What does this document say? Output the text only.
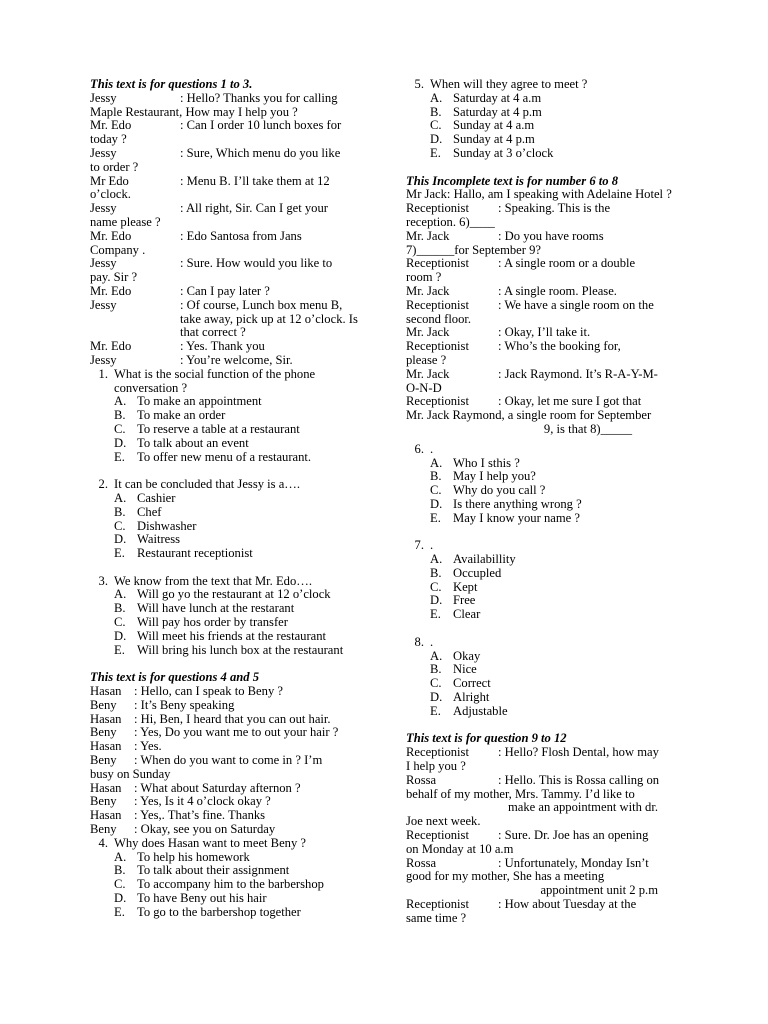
This text is for questions 1 to 3.
Jessy	: Hello? Thanks you for calling
Maple Restaurant, How may I help you ?
Mr. Edo	: Can I order 10 lunch boxes for
today ?
Jessy	: Sure, Which menu do you like
to order ?
Mr Edo	: Menu B. I’ll take them at 12
o’clock.
Jessy	: All right, Sir. Can I get your
name please ?
Mr. Edo	: Edo Santosa from Jans
Company .
Jessy	: Sure. How would you like to
pay. Sir ?
Mr. Edo	: Can I pay later ?
Jessy	: Of course, Lunch box menu B, take away, pick up at 12 o’clock. Is that correct ?
Mr. Edo	: Yes. Thank you
Jessy	: You’re welcome, Sir.
1. What is the social function of the phone conversation ?
A. To make an appointment
B. To make an order
C. To reserve a table at a restaurant
D. To talk about an event
E. To offer new menu of a restaurant.
2. It can be concluded that Jessy is a….
A. Cashier
B. Chef
C. Dishwasher
D. Waitress
E. Restaurant receptionist
3. We know from the text that Mr. Edo….
A. Will go yo the restaurant at 12 o’clock
B. Will have lunch at the restarant
C. Will pay hos order by transfer
D. Will meet his friends at the restaurant
E. Will bring his lunch box at the restaurant
This text is for questions 4 and 5
Hasan : Hello, can I speak to Beny ?
Beny	: It’s Beny speaking
Hasan : Hi, Ben, I heard that you can out hair.
Beny	: Yes, Do you want me to out your hair ?
Hasan : Yes.
Beny	: When do you want to come in ? I’m
busy on Sunday
Hasan : What about Saturday afternon ?
Beny	: Yes, Is it 4 o’clock okay ?
Hasan : Yes,. That’s fine. Thanks
Beny	: Okay, see you on Saturday
4. Why does Hasan want to meet Beny ?
A. To help his homework
B. To talk about their assignment
C. To accompany him to the barbershop
D. To have Beny out his hair
E. To go to the barbershop together
5. When will they agree to meet ?
A. Saturday at 4 a.m
B. Saturday at 4 p.m
C. Sunday at 4 a.m
D. Sunday at 4 p.m
E. Sunday at 3 o’clock
This Incomplete text is for number 6 to 8
Mr Jack: Hallo, am I speaking with Adelaine Hotel ?
Receptionist	: Speaking. This is the
reception. 6)____
Mr. Jack	: Do you have rooms
7)______for September 9?
Receptionist	: A single room or a double
room ?
Mr. Jack	: A single room. Please.
Receptionist	: We have a single room on the
second floor.
Mr. Jack	: Okay, I’ll take it.
Receptionist	: Who’s the booking for,
please ?
Mr. Jack	: Jack Raymond. It’s R-A-Y-M-
O-N-D
Receptionist	: Okay, let me sure I got that
Mr. Jack Raymond, a single room for September
9, is that 8)_____
6. .
A. Who I sthis ?
B. May I help you?
C. Why do you call ?
D. Is there anything wrong ?
E. May I know your name ?
7. .
A. Availabillity
B. Occupled
C. Kept
D. Free
E. Clear
8. .
A. Okay
B. Nice
C. Correct
D. Alright
E. Adjustable
This text is for question 9 to 12
Receptionist	: Hello? Flosh Dental, how may
I help you ?
Rossa	: Hello. This is Rossa calling on
behalf of my mother, Mrs. Tammy. I’d like to
make an appointment with dr.
Joe next week.
Receptionist	: Sure. Dr. Joe has an opening
on Monday at 10 a.m
Rossa	: Unfortunately, Monday Isn’t
good for my mother, She has a meeting
appointment unit 2 p.m
Receptionist	: How about Tuesday at the
same time ?
